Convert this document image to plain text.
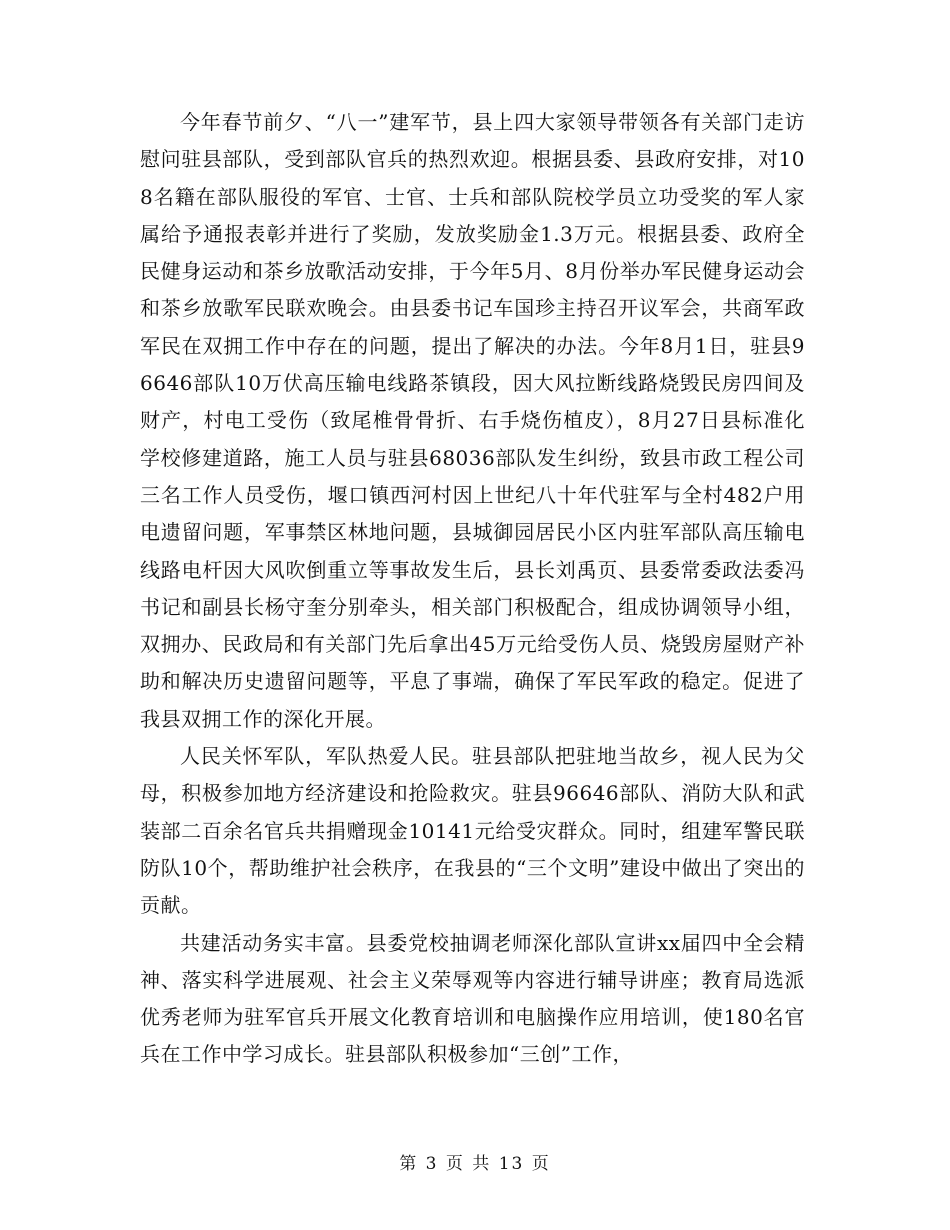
今年春节前夕、“八一”建军节，县上四大家领导带领各有关部门走访慰问驻县部队，受到部队官兵的热烈欢迎。根据县委、县政府安排，对108名籍在部队服役的军官、士官、士兵和部队院校学员立功受奖的军人家属给予通报表彰并进行了奖励，发放奖励金1.3万元。根据县委、政府全民健身运动和茶乡放歌活动安排，于今年5月、8月份举办军民健身运动会和茶乡放歌军民联欢晚会。由县委书记车国珍主持召开议军会，共商军政军民在双拥工作中存在的问题，提出了解决的办法。今年8月1日，驻县96646部队10万伏高压输电线路茶镇段，因大风拉断线路烧毁民房四间及财产，村电工受伤（致尾椎骨骨折、右手烧伤植皮），8月27日县标准化学校修建道路，施工人员与驻县68036部队发生纠纷，致县市政工程公司三名工作人员受伤，堰口镇西河村因上世纪八十年代驻军与全村482户用电遗留问题，军事禁区林地问题，县城御园居民小区内驻军部队高压输电线路电杆因大风吹倒重立等事故发生后，县长刘禹页、县委常委政法委冯书记和副县长杨守奎分别牵头，相关部门积极配合，组成协调领导小组，双拥办、民政局和有关部门先后拿出45万元给受伤人员、烧毁房屋财产补助和解决历史遗留问题等，平息了事端，确保了军民军政的稳定。促进了我县双拥工作的深化开展。

人民关怀军队，军队热爱人民。驻县部队把驻地当故乡，视人民为父母，积极参加地方经济建设和抢险救灾。驻县96646部队、消防大队和武装部二百余名官兵共捐赠现金10141元给受灾群众。同时，组建军警民联防队10个，帮助维护社会秩序，在我县的“三个文明”建设中做出了突出的贡献。

共建活动务实丰富。县委党校抽调老师深化部队宣讲xx届四中全会精神、落实科学进展观、社会主义荣辱观等内容进行辅导讲座；教育局选派优秀老师为驻军官兵开展文化教育培训和电脑操作应用培训，使180名官兵在工作中学习成长。驻县部队积极参加“三创”工作，

第 3 页 共 13 页
